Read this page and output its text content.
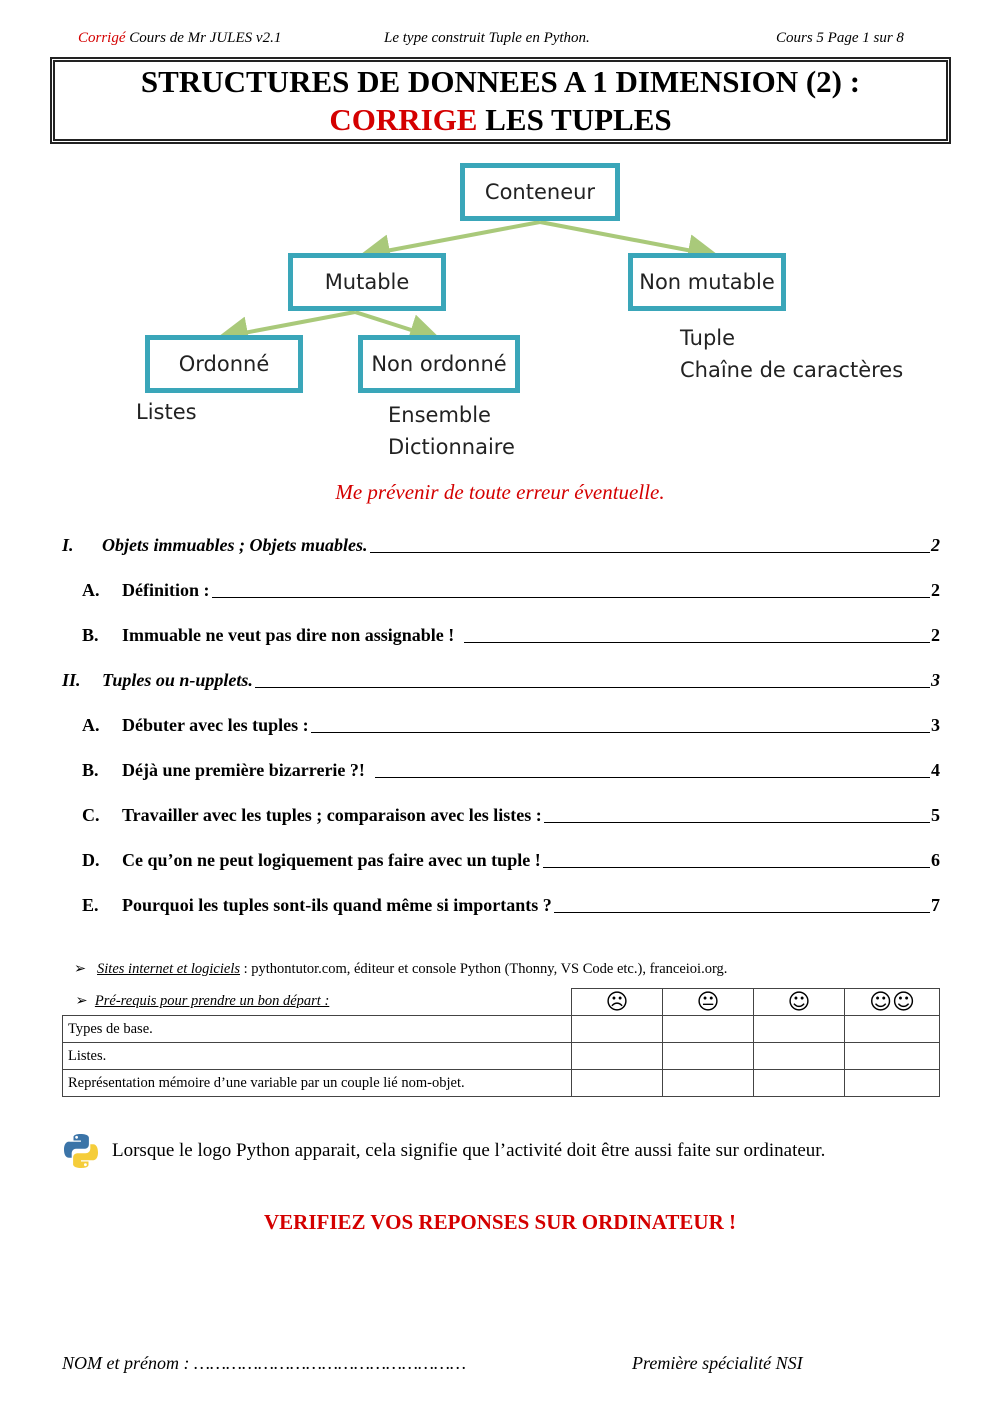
Corrigé Cours de Mr JULES v2.1	Le type construit Tuple en Python.	Cours 5 Page 1 sur 8
STRUCTURES DE DONNEES A 1 DIMENSION (2) :
CORRIGE LES TUPLES
Conteneur
Mutable	Non mutable
Ordonné	Non ordonné
Listes	Ensemble
Dictionnaire
Tuple
Chaîne de caractères
Me prévenir de toute erreur éventuelle.
I.	Objets immuables ; Objets muables.	2
A.	Définition :	2
B.	Immuable ne veut pas dire non assignable !	2
II.	Tuples ou n-upplets.	3
A.	Débuter avec les tuples :	3
B.	Déjà une première bizarrerie ?!	4
C.	Travailler avec les tuples ; comparaison avec les listes :	5
D.	Ce qu’on ne peut logiquement pas faire avec un tuple !	6
E.	Pourquoi les tuples sont-ils quand même si importants ?	7
➢ Sites internet et logiciels : pythontutor.com, éditeur et console Python (Thonny, VS Code etc.), franceioi.org.
➢ Pré-requis pour prendre un bon départ :	☹	😐	☺	☺☺
Types de base.				
Listes.				
Représentation mémoire d’une variable par un couple lié nom-objet.				
Lorsque le logo Python apparait, cela signifie que l’activité doit être aussi faite sur ordinateur.
VERIFIEZ VOS REPONSES SUR ORDINATEUR !
NOM et prénom : ……………………………………………	Première spécialité NSI
